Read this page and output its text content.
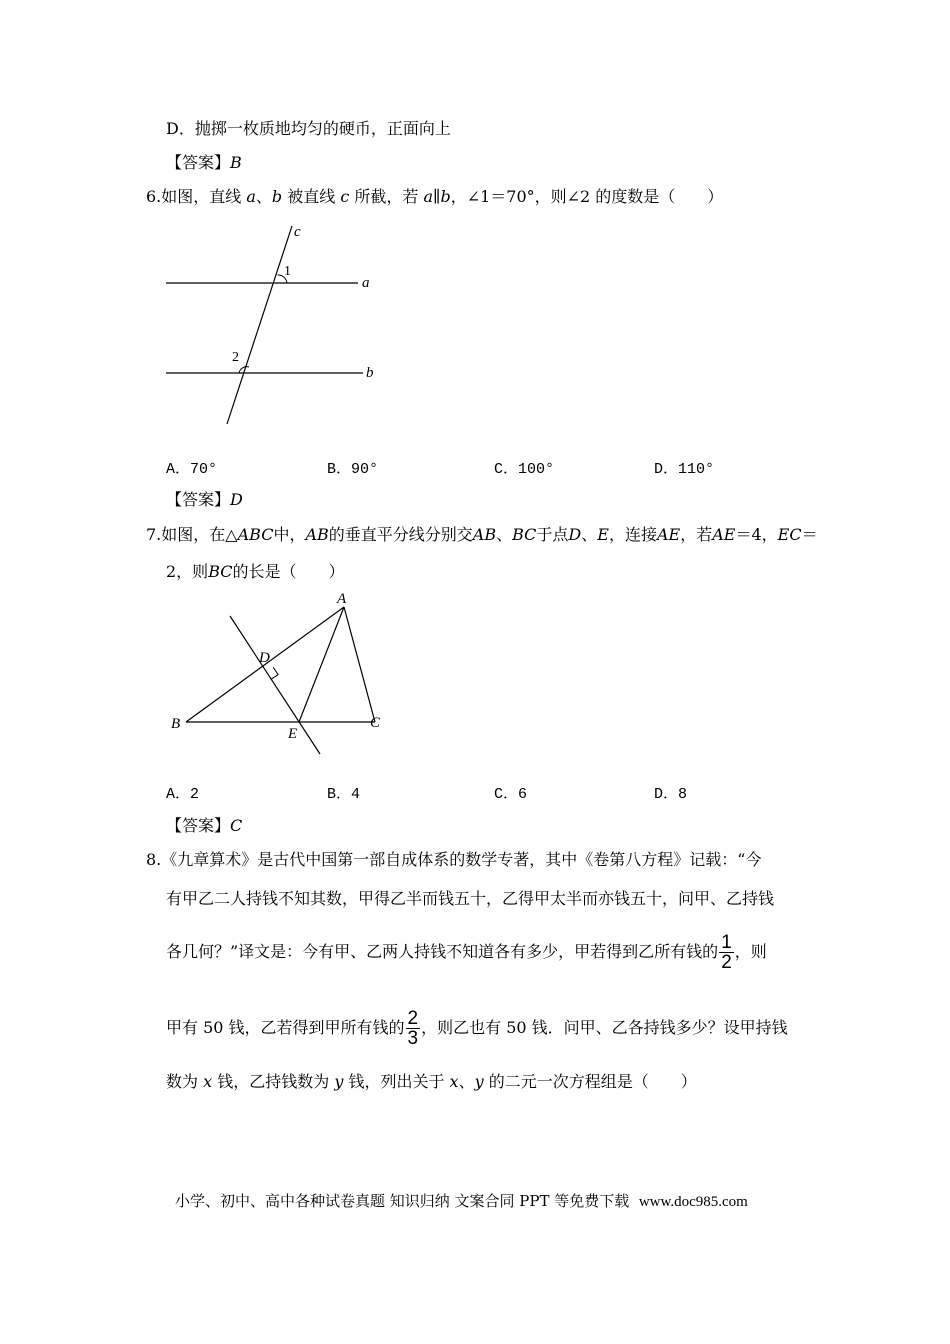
D．抛掷一枚质地均匀的硬币，正面向上
【答案】B
6.如图，直线 a、b 被直线 c 所截，若 a∥b，∠1＝70°，则∠2 的度数是（　　）
c
a
b
1
2
A．70°	B．90°	C．100°	D．110°
【答案】D
7.如图，在△ABC中，AB的垂直平分线分别交AB、BC于点D、E，连接AE，若AE＝4，EC＝
2，则BC的长是（　　）
A
B	C
D
E
A．2	B．4	C．6	D．8
【答案】C
8.《九章算术》是古代中国第一部自成体系的数学专著，其中《卷第八方程》记载：“今
有甲乙二人持钱不知其数，甲得乙半而钱五十，乙得甲太半而亦钱五十，问甲、乙持钱
各几何？”译文是：今有甲、乙两人持钱不知道各有多少，甲若得到乙所有钱的 $\frac{1}{2}$ ，则
甲有 50 钱，乙若得到甲所有钱的 $\frac{2}{3}$ ，则乙也有 50 钱．问甲、乙各持钱多少？设甲持钱
数为 x 钱，乙持钱数为 y 钱，列出关于 x、y 的二元一次方程组是（　　）
小学、初中、高中各种试卷真题 知识归纳 文案合同 PPT 等免费下载 www.doc985.com
